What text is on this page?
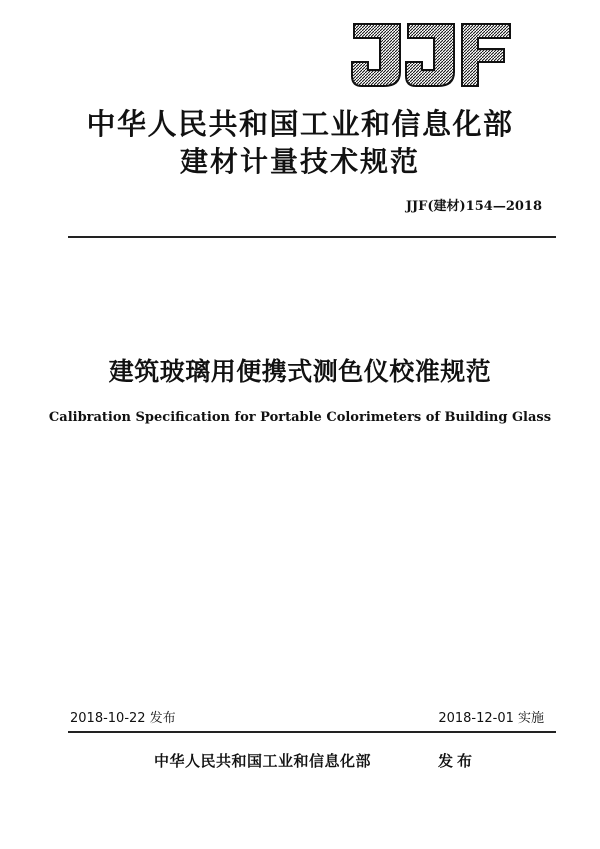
中华人民共和国工业和信息化部
建材计量技术规范
JJF(建材)154—2018
建筑玻璃用便携式测色仪校准规范
Calibration Specification for Portable Colorimeters of Building Glass
2018-10-22 发布	2018-12-01 实施
中华人民共和国工业和信息化部	发布
